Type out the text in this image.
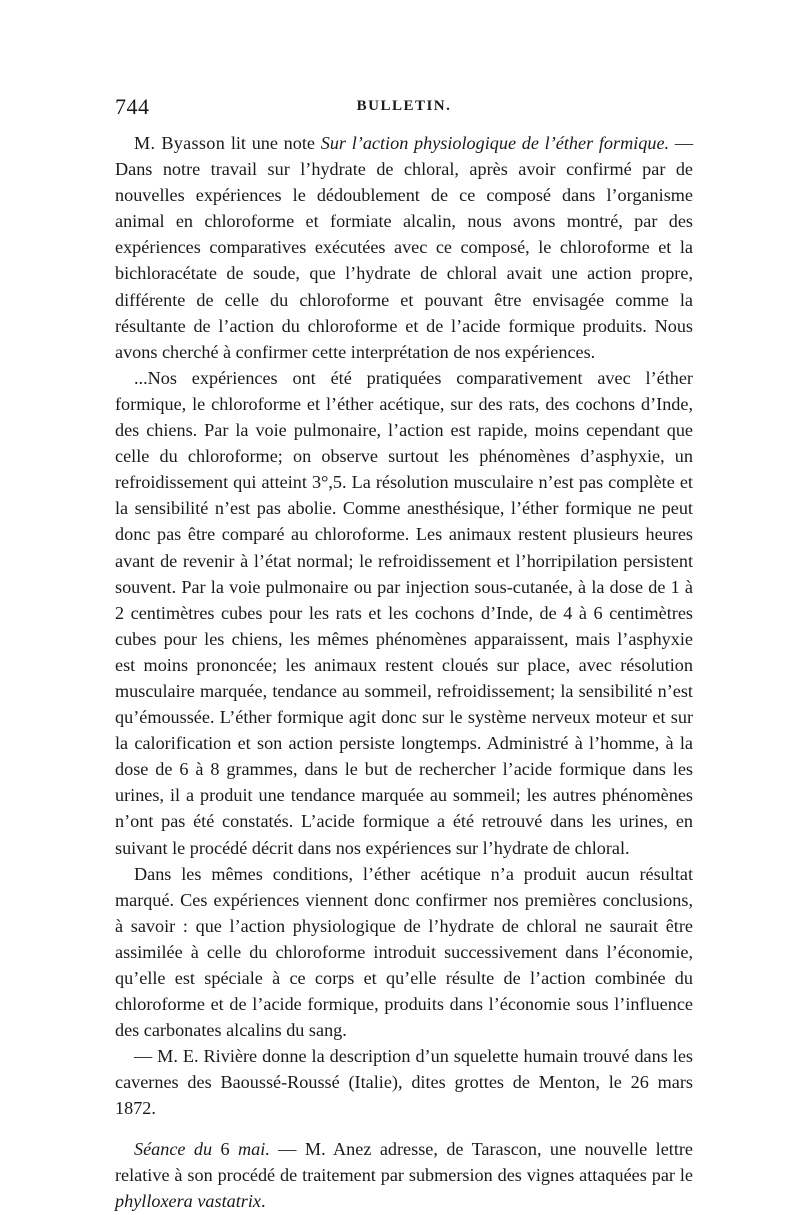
744	BULLETIN.

M. Byasson lit une note Sur l’action physiologique de l’éther formique. — Dans notre travail sur l’hydrate de chloral, après avoir confirmé par de nouvelles expériences le dédoublement de ce composé dans l’organisme animal en chloroforme et formiate alcalin, nous avons montré, par des expériences comparatives exécutées avec ce composé, le chloroforme et la bichloracétate de soude, que l’hydrate de chloral avait une action propre, différente de celle du chloroforme et pouvant être envisagée comme la résultante de l’action du chloroforme et de l’acide formique produits. Nous avons cherché à confirmer cette interprétation de nos expériences.

...Nos expériences ont été pratiquées comparativement avec l’éther formique, le chloroforme et l’éther acétique, sur des rats, des cochons d’Inde, des chiens. Par la voie pulmonaire, l’action est rapide, moins cependant que celle du chloroforme; on observe surtout les phénomènes d’asphyxie, un refroidissement qui atteint 3°,5. La résolution musculaire n’est pas complète et la sensibilité n’est pas abolie. Comme anesthésique, l’éther formique ne peut donc pas être comparé au chloroforme. Les animaux restent plusieurs heures avant de revenir à l’état normal; le refroidissement et l’horripilation persistent souvent. Par la voie pulmonaire ou par injection sous-cutanée, à la dose de 1 à 2 centimètres cubes pour les rats et les cochons d’Inde, de 4 à 6 centimètres cubes pour les chiens, les mêmes phénomènes apparaissent, mais l’asphyxie est moins prononcée; les animaux restent cloués sur place, avec résolution musculaire marquée, tendance au sommeil, refroidissement; la sensibilité n’est qu’émoussée. L’éther formique agit donc sur le système nerveux moteur et sur la calorification et son action persiste longtemps. Administré à l’homme, à la dose de 6 à 8 grammes, dans le but de rechercher l’acide formique dans les urines, il a produit une tendance marquée au sommeil; les autres phénomènes n’ont pas été constatés. L’acide formique a été retrouvé dans les urines, en suivant le procédé décrit dans nos expériences sur l’hydrate de chloral.

Dans les mêmes conditions, l’éther acétique n’a produit aucun résultat marqué. Ces expériences viennent donc confirmer nos premières conclusions, à savoir : que l’action physiologique de l’hydrate de chloral ne saurait être assimilée à celle du chloroforme introduit successivement dans l’économie, qu’elle est spéciale à ce corps et qu’elle résulte de l’action combinée du chloroforme et de l’acide formique, produits dans l’économie sous l’influence des carbonates alcalins du sang.

— M. E. Rivière donne la description d’un squelette humain trouvé dans les cavernes des Baoussé-Roussé (Italie), dites grottes de Menton, le 26 mars 1872.

Séance du 6 mai. — M. Anez adresse, de Tarascon, une nouvelle lettre relative à son procédé de traitement par submersion des vignes attaquées par le phylloxera vastatrix.
